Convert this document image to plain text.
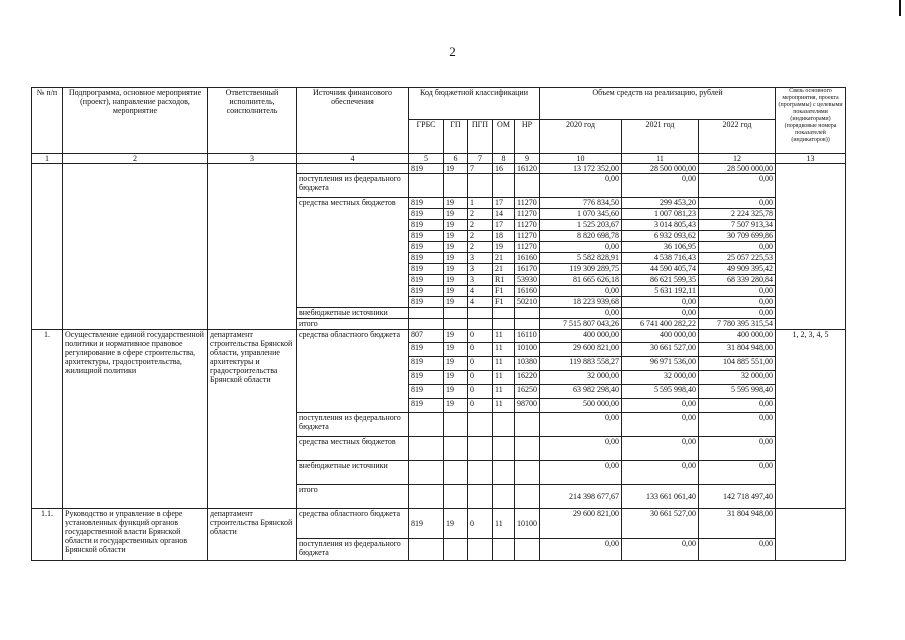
2
№ п/п	Подпрограмма, основное мероприятие (проект), направление расходов, мероприятие	Ответственный исполнитель, соисполнитель	Источник финансового обеспечения	Код бюджетной классификации					Объем средств на реализацию, рублей			Связь основного мероприятия, проекта (программы) с целевыми показателями (индикаторами) (порядковые номера показателей (индикаторов))
				ГРБС	ГП	ПГП	ОМ	НР	2020 год	2021 год	2022 год	
1	2	3	4	5	6	7	8	9	10	11	12	13
				819	19	7	16	16120	13 172 352,00	28 500 000,00	28 500 000,00	
			поступления из федерального бюджета						0,00	0,00	0,00	
			средства местных бюджетов	819	19	1	17	11270	776 834,50	299 453,20	0,00	
				819	19	2	14	11270	1 070 345,60	1 007 081,23	2 224 325,78	
				819	19	2	17	11270	1 525 203,67	3 014 805,43	7 507 913,34	
				819	19	2	18	11270	8 820 698,78	6 932 093,62	30 709 699,86	
				819	19	2	19	11270	0,00	36 106,95	0,00	
				819	19	3	21	16160	5 582 828,91	4 538 716,43	25 057 225,53	
				819	19	3	21	16170	119 309 289,75	44 590 405,74	49 909 395,42	
				819	19	3	R1	53930	81 665 626,18	86 621 599,35	68 339 280,84	
				819	19	4	F1	16160	0,00	5 631 192,11	0,00	
				819	19	4	F1	50210	18 223 939,68	0,00	0,00	
			внебюджетные источники						0,00	0,00	0,00	
			итого						7 515 807 043,26	6 741 400 282,22	7 780 395 315,54	
1.	Осуществление единой государственной политики и нормативное правовое регулирование в сфере строительства, архитектуры, градостроительства, жилищной политики	департамент строительства Брянской области, управление архитектуры и градостроительства Брянской области	средства областного бюджета	807	19	0	11	16110	400 000,00	400 000,00	400 000,00	1, 2, 3, 4, 5
				819	19	0	11	10100	29 600 821,00	30 661 527,00	31 804 948,00	
				819	19	0	11	10380	119 883 558,27	96 971 536,00	104 885 551,00	
				819	19	0	11	16220	32 000,00	32 000,00	32 000,00	
				819	19	0	11	16250	63 982 298,40	5 595 998,40	5 595 998,40	
				819	19	0	11	98700	500 000,00	0,00	0,00	
			поступления из федерального бюджета						0,00	0,00	0,00	
			средства местных бюджетов						0,00	0,00	0,00	
			внебюджетные источники						0,00	0,00	0,00	
			итого						214 398 677,67	133 661 061,40	142 718 497,40	
1.1.	Руководство и управление в сфере установленных функций органов государственной власти Брянской области и государственных органов Брянской области	департамент строительства Брянской области	средства областного бюджета	819	19	0	11	10100	29 600 821,00	30 661 527,00	31 804 948,00	
			поступления из федерального бюджета						0,00	0,00	0,00	
